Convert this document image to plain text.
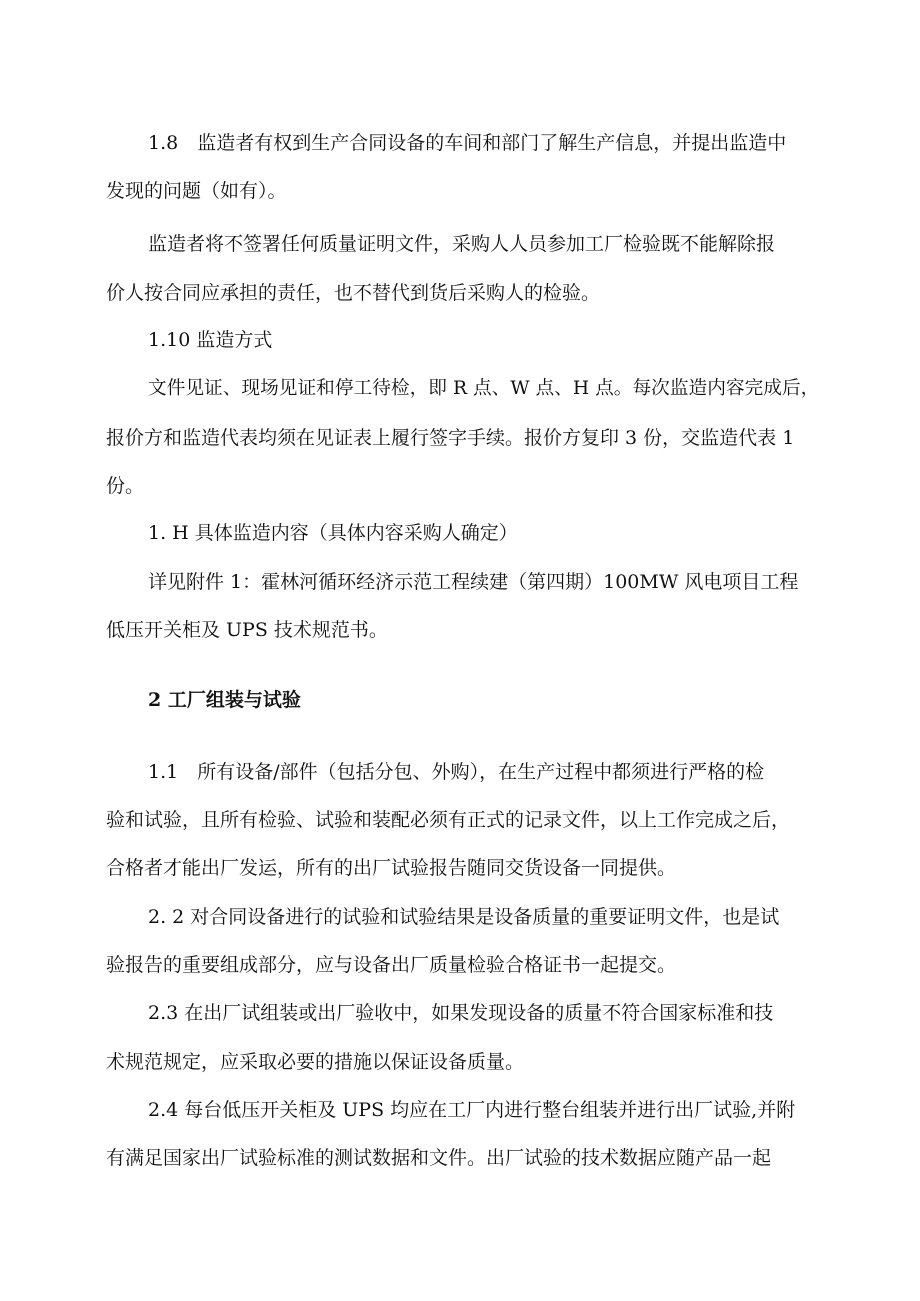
1.8　监造者有权到生产合同设备的车间和部门了解生产信息，并提出监造中
发现的问题（如有）。
监造者将不签署任何质量证明文件，采购人人员参加工厂检验既不能解除报
价人按合同应承担的责任，也不替代到货后采购人的检验。
1.10 监造方式
文件见证、现场见证和停工待检，即 R 点、W 点、H 点。每次监造内容完成后，
报价方和监造代表均须在见证表上履行签字手续。报价方复印 3 份，交监造代表 1
份。
1. H 具体监造内容（具体内容采购人确定）
详见附件 1：霍林河循环经济示范工程续建（第四期）100MW 风电项目工程
低压开关柜及 UPS 技术规范书。
2 工厂组装与试验
1.1　所有设备/部件（包括分包、外购），在生产过程中都须进行严格的检
验和试验，且所有检验、试验和装配必须有正式的记录文件，以上工作完成之后，
合格者才能出厂发运，所有的出厂试验报告随同交货设备一同提供。
2. 2 对合同设备进行的试验和试验结果是设备质量的重要证明文件，也是试
验报告的重要组成部分，应与设备出厂质量检验合格证书一起提交。
2.3 在出厂试组装或出厂验收中，如果发现设备的质量不符合国家标准和技
术规范规定，应采取必要的措施以保证设备质量。
2.4 每台低压开关柜及 UPS 均应在工厂内进行整台组装并进行出厂试验,并附
有满足国家出厂试验标准的测试数据和文件。出厂试验的技术数据应随产品一起
